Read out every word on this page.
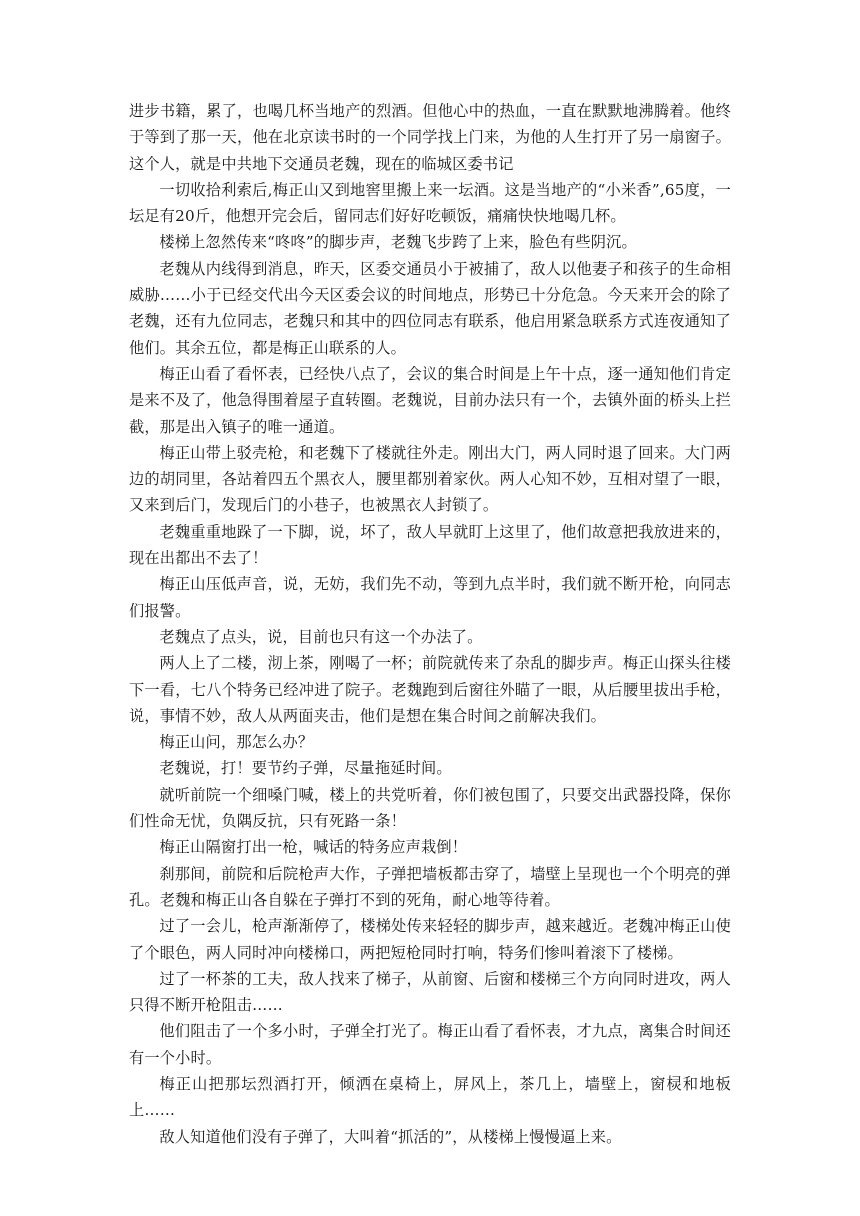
进步书籍，累了，也喝几杯当地产的烈酒。但他心中的热血，一直在默默地沸腾着。他终于等到了那一天，他在北京读书时的一个同学找上门来，为他的人生打开了另一扇窗子。 这个人，就是中共地下交通员老魏，现在的临城区委书记

一切收拾利索后,梅正山又到地窖里搬上来一坛酒。这是当地产的“小米香”,65度，一坛足有20斤，他想开完会后，留同志们好好吃顿饭，痛痛快快地喝几杯。

楼梯上忽然传来“咚咚”的脚步声，老魏飞步跨了上来，脸色有些阴沉。

老魏从内线得到消息，昨天，区委交通员小于被捕了，敌人以他妻子和孩子的生命相威胁……小于已经交代出今天区委会议的时间地点，形势已十分危急。今天来开会的除了老魏，还有九位同志，老魏只和其中的四位同志有联系，他启用紧急联系方式连夜通知了他们。其余五位，都是梅正山联系的人。

梅正山看了看怀表，已经快八点了，会议的集合时间是上午十点，逐一通知他们肯定是来不及了，他急得围着屋子直转圈。老魏说，目前办法只有一个，去镇外面的桥头上拦截，那是出入镇子的唯一通道。

梅正山带上驳壳枪，和老魏下了楼就往外走。刚出大门，两人同时退了回来。大门两边的胡同里，各站着四五个黑衣人，腰里都别着家伙。两人心知不妙，互相对望了一眼，又来到后门，发现后门的小巷子，也被黑衣人封锁了。

老魏重重地跺了一下脚，说，坏了，敌人早就盯上这里了，他们故意把我放进来的，现在出都出不去了！

梅正山压低声音，说，无妨，我们先不动，等到九点半时，我们就不断开枪，向同志们报警。

老魏点了点头，说，目前也只有这一个办法了。

两人上了二楼，沏上茶，刚喝了一杯；前院就传来了杂乱的脚步声。梅正山探头往楼下一看，七八个特务已经冲进了院子。老魏跑到后窗往外瞄了一眼，从后腰里拔出手枪，说，事情不妙，敌人从两面夹击，他们是想在集合时间之前解决我们。

梅正山问，那怎么办？

老魏说，打！要节约子弹，尽量拖延时间。

就听前院一个细嗓门喊，楼上的共党听着，你们被包围了，只要交出武器投降，保你们性命无忧，负隅反抗，只有死路一条！

梅正山隔窗打出一枪，喊话的特务应声栽倒！

刹那间，前院和后院枪声大作，子弹把墙板都击穿了，墙壁上呈现也一个个明亮的弹孔。老魏和梅正山各自躲在子弹打不到的死角，耐心地等待着。

过了一会儿，枪声渐渐停了，楼梯处传来轻轻的脚步声，越来越近。老魏冲梅正山使了个眼色，两人同时冲向楼梯口，两把短枪同时打响，特务们惨叫着滚下了楼梯。

过了一杯茶的工夫，敌人找来了梯子，从前窗、后窗和楼梯三个方向同时进攻，两人只得不断开枪阻击……

他们阻击了一个多小时，子弹全打光了。梅正山看了看怀表，才九点，离集合时间还有一个小时。

梅正山把那坛烈酒打开，倾洒在桌椅上，屏风上，茶几上，墙壁上，窗棂和地板上……

敌人知道他们没有子弹了，大叫着“抓活的”，从楼梯上慢慢逼上来。
